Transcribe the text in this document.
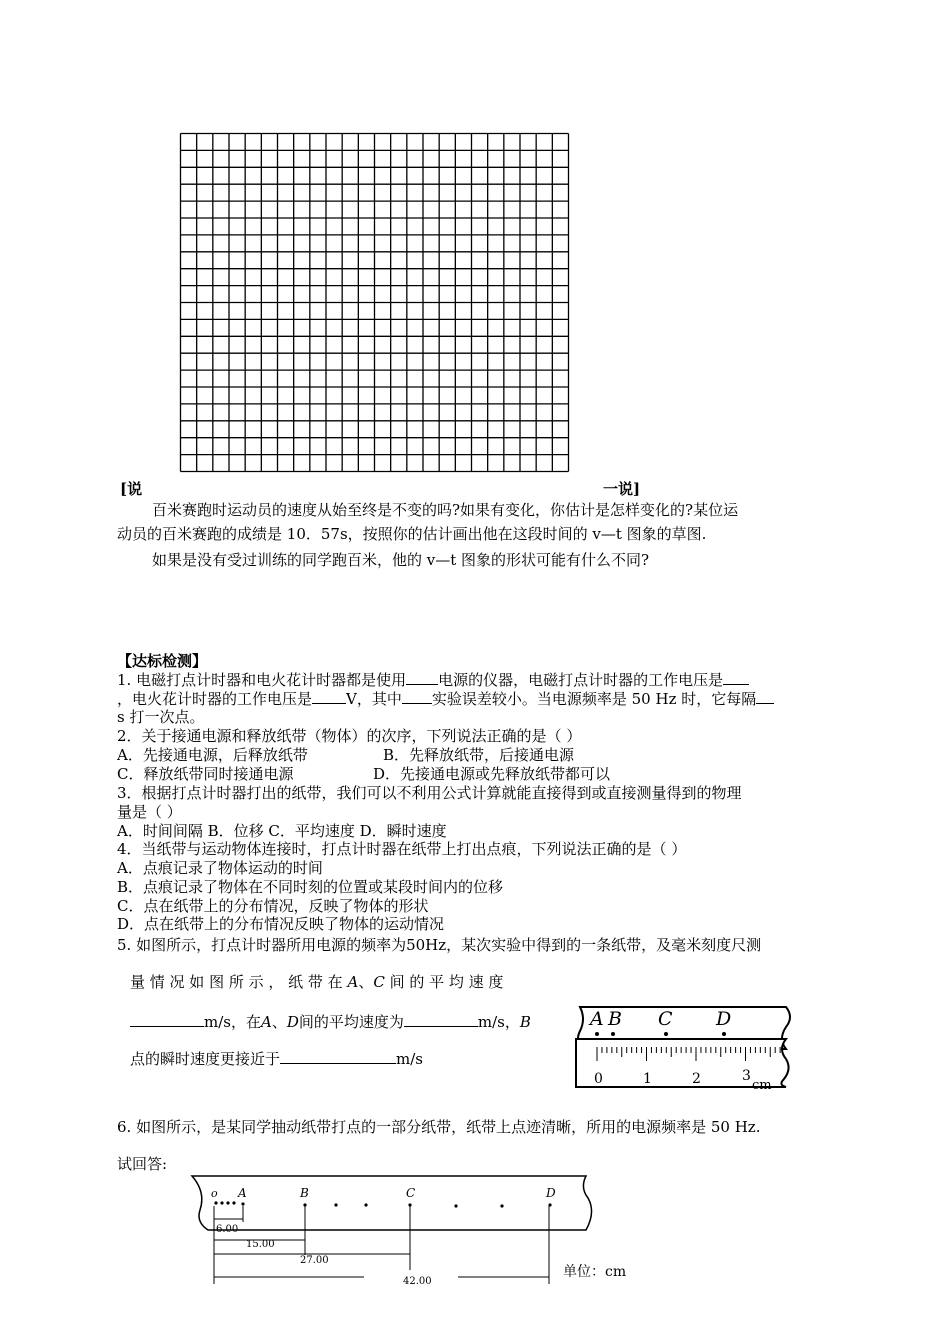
[说	一说]
百米赛跑时运动员的速度从始至终是不变的吗?如果有变化，你估计是怎样变化的?某位运
动员的百米赛跑的成绩是 10．57s，按照你的估计画出他在这段时间的 v—t 图象的草图.
如果是没有受过训练的同学跑百米，他的 v—t 图象的形状可能有什么不同?
【达标检测】
1. 电磁打点计时器和电火花计时器都是使用 电源的仪器，电磁打点计时器的工作电压是
，电火花计时器的工作电压是 V，其中 实验误差较小。当电源频率是 50 Hz 时，它每隔
s 打一次点。
2．关于接通电源和释放纸带（物体）的次序，下列说法正确的是（ ）
A．先接通电源，后释放纸带	B．先释放纸带，后接通电源
C．释放纸带同时接通电源	D．先接通电源或先释放纸带都可以
3．根据打点计时器打出的纸带，我们可以不利用公式计算就能直接得到或直接测量得到的物理
量是（ ）
A．时间间隔 B．位移 C．平均速度 D．瞬时速度
4．当纸带与运动物体连接时，打点计时器在纸带上打出点痕，下列说法正确的是（ ）
A．点痕记录了物体运动的时间
B．点痕记录了物体在不同时刻的位置或某段时间内的位移
C．点在纸带上的分布情况，反映了物体的形状
D．点在纸带上的分布情况反映了物体的运动情况
5. 如图所示，打点计时器所用电源的频率为50Hz，某次实验中得到的一条纸带，及毫米刻度尺测
量 情 况 如 图 所 示 ， 纸 带 在 A、C 间 的 平 均 速 度
m/s，在A、D间的平均速度为	m/s，B
点的瞬时速度更接近于	m/s
0	1	2	3
cm
A B C D
6. 如图所示，是某同学抽动纸带打点的一部分纸带，纸带上点迹清晰，所用的电源频率是 50 Hz.
试回答:
o A	B	C	D
6.00
15.00
27.00
42.00
单位：cm
